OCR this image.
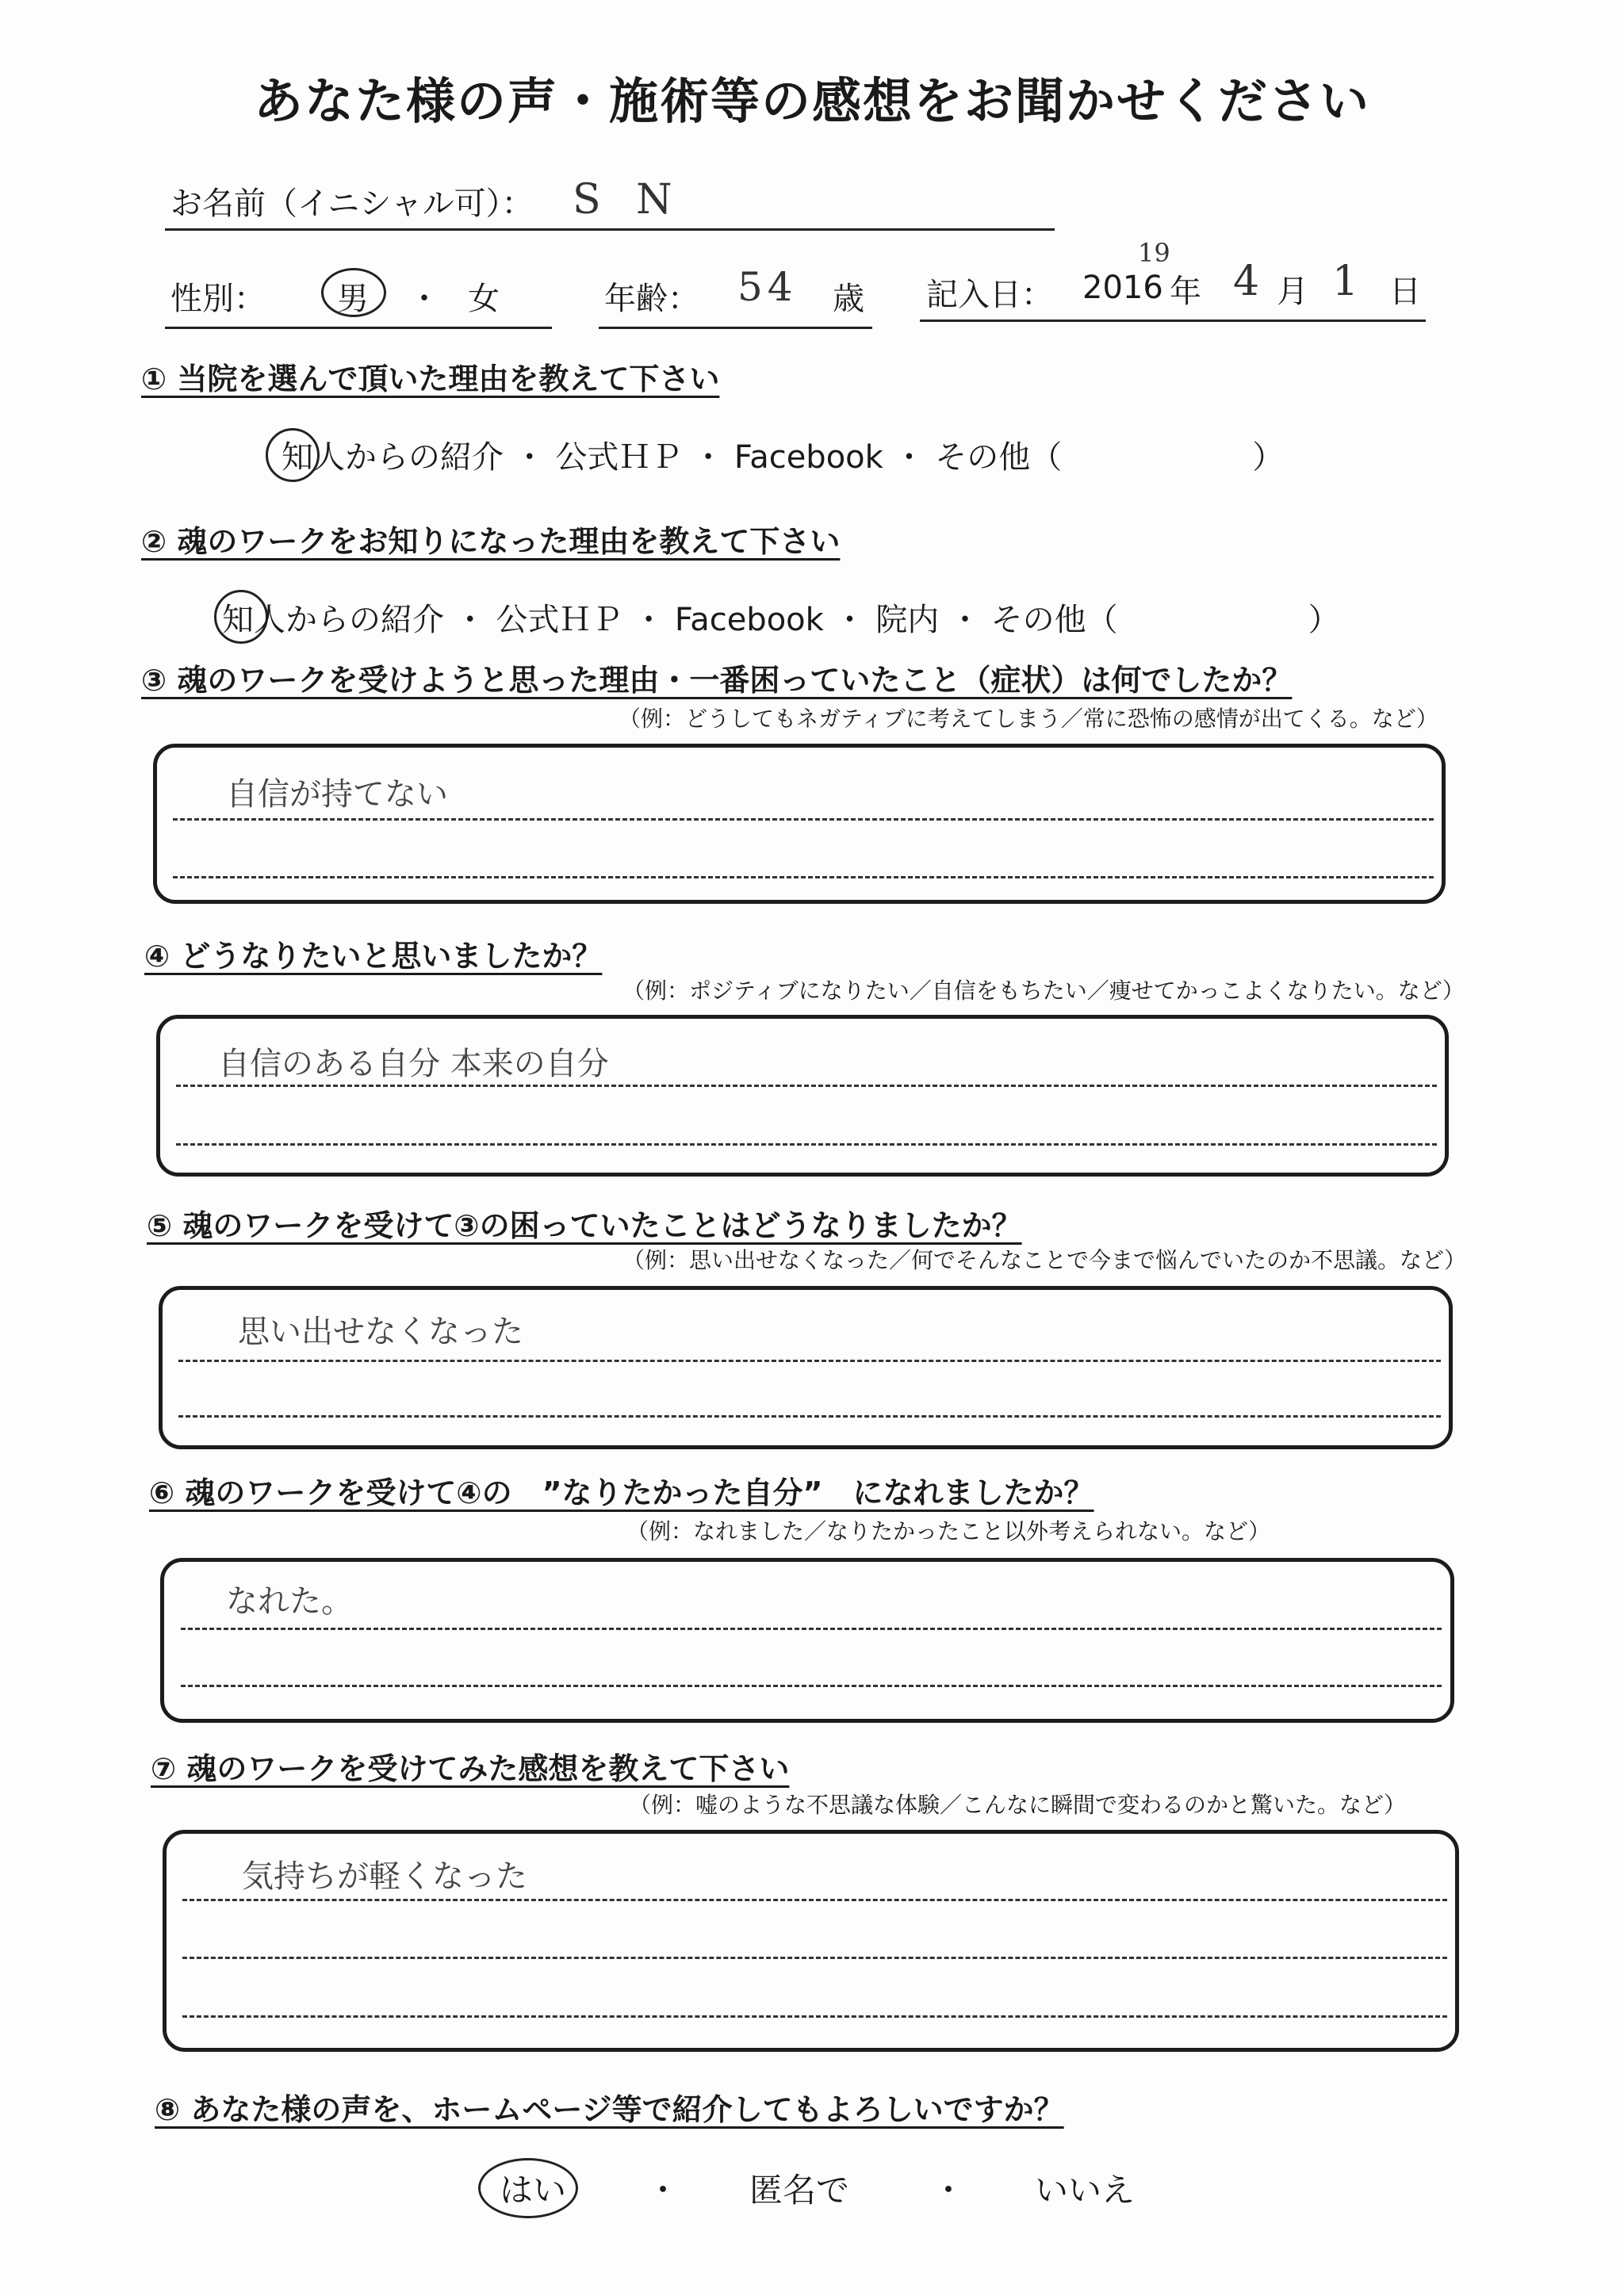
あなた様の声・施術等の感想をお聞かせください
お名前（イニシャル可）： S N
性別： 男 ・ 女	年齢： 54 歳 記入日： 2016
19
年 4 月 1 日
① 当院を選んで頂いた理由を教えて下さい
知人からの紹介 ・ 公式ＨＰ ・ Facebook ・ その他（　　　　　　）
② 魂のワークをお知りになった理由を教えて下さい
知人からの紹介 ・ 公式ＨＰ ・ Facebook ・ 院内 ・ その他（　　　　　　）
③ 魂のワークを受けようと思った理由・一番困っていたこと（症状）は何でしたか？
（例：どうしてもネガティブに考えてしまう／常に恐怖の感情が出てくる。など）
自信が持てない
④ どうなりたいと思いましたか？
（例：ポジティブになりたい／自信をもちたい／痩せてかっこよくなりたい。など）
自信のある自分 本来の自分
⑤ 魂のワークを受けて③の困っていたことはどうなりましたか？
（例：思い出せなくなった／何でそんなことで今まで悩んでいたのか不思議。など）
思い出せなくなった
⑥ 魂のワークを受けて④の　”なりたかった自分”　になれましたか？
（例：なれました／なりたかったこと以外考えられない。など）
なれた。
⑦ 魂のワークを受けてみた感想を教えて下さい
（例：嘘のような不思議な体験／こんなに瞬間で変わるのかと驚いた。など）
気持ちが軽くなった
⑧ あなた様の声を、ホームページ等で紹介してもよろしいですか？
はい ・ 匿名で ・ いいえ
